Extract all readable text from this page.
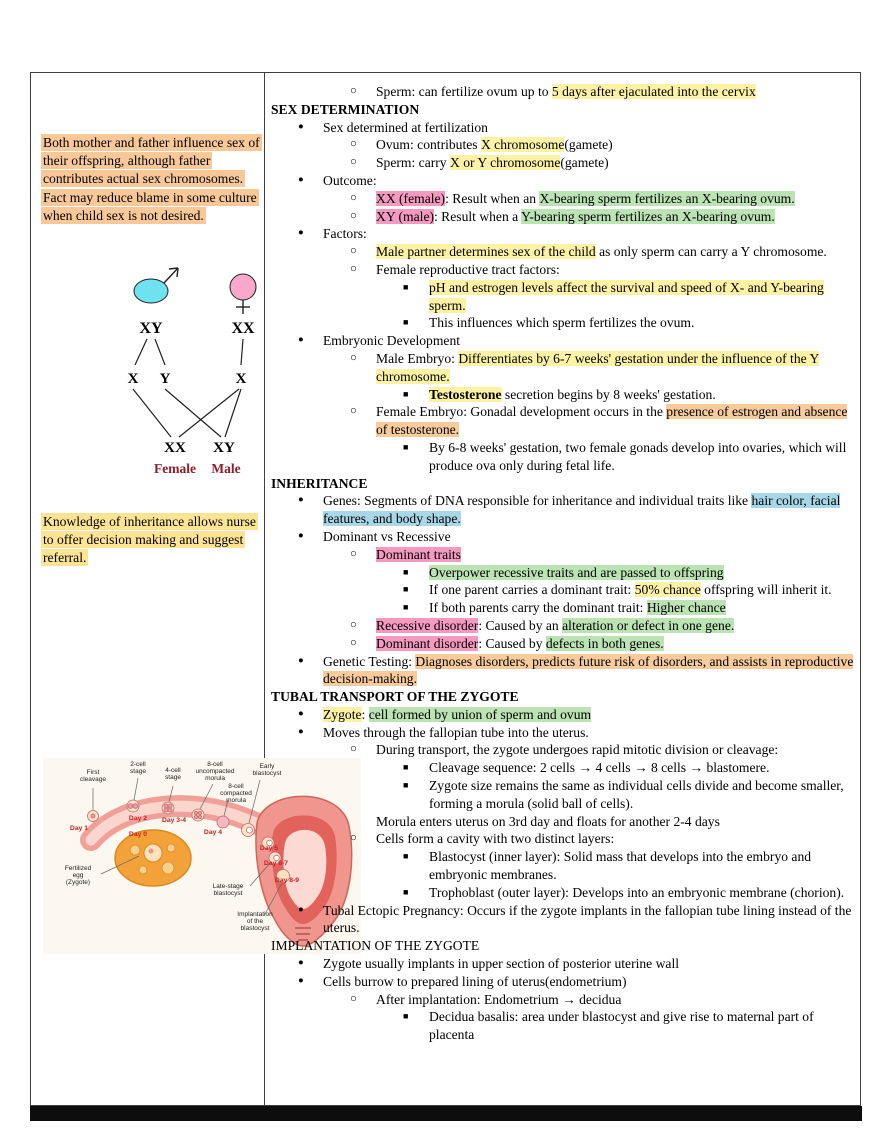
Both mother and father influence sex of their offspring, although father contributes actual sex chromosomes. Fact may reduce blame in some culture when child sex is not desired.
XY	XX
X Y	X
XX XY
Female Male
Knowledge of inheritance allows nurse to offer decision making and suggest referral.
First cleavage
2-cell stage	4-cell stage
8-cell uncompacted morula
8-cell compacted morula
Early blastocyst
Fertilized egg (Zygote)
Late-stage blastocyst
Implantation of the blastocyst
Day 0
Day 1
Day 2 Day 3-4
Day 4
Day 5
Day 6-7
Day 8-9
○ Sperm: can fertilize ovum up to 5 days after ejaculated into the cervix
SEX DETERMINATION
● Sex determined at fertilization
○ Ovum: contributes X chromosome(gamete)
○ Sperm: carry X or Y chromosome(gamete)
● Outcome:
○ XX (female): Result when an X-bearing sperm fertilizes an X-bearing ovum.
○ XY (male): Result when a Y-bearing sperm fertilizes an X-bearing ovum.
● Factors:
○ Male partner determines sex of the child as only sperm can carry a Y chromosome.
○ Female reproductive tract factors:
■ pH and estrogen levels affect the survival and speed of X- and Y-bearing sperm.
■ This influences which sperm fertilizes the ovum.
● Embryonic Development
○ Male Embryo: Differentiates by 6-7 weeks' gestation under the influence of the Y chromosome.
■ Testosterone secretion begins by 8 weeks' gestation.
○ Female Embryo: Gonadal development occurs in the presence of estrogen and absence of testosterone.
■ By 6-8 weeks' gestation, two female gonads develop into ovaries, which will produce ova only during fetal life.
INHERITANCE
● Genes: Segments of DNA responsible for inheritance and individual traits like hair color, facial features, and body shape.
● Dominant vs Recessive
○ Dominant traits
■ Overpower recessive traits and are passed to offspring
■ If one parent carries a dominant trait: 50% chance offspring will inherit it.
■ If both parents carry the dominant trait: Higher chance
○ Recessive disorder: Caused by an alteration or defect in one gene.
○ Dominant disorder: Caused by defects in both genes.
● Genetic Testing: Diagnoses disorders, predicts future risk of disorders, and assists in reproductive decision-making.
TUBAL TRANSPORT OF THE ZYGOTE
● Zygote: cell formed by union of sperm and ovum
● Moves through the fallopian tube into the uterus.
○ During transport, the zygote undergoes rapid mitotic division or cleavage:
■ Cleavage sequence: 2 cells → 4 cells → 8 cells → blastomere.
■ Zygote size remains the same as individual cells divide and become smaller, forming a morula (solid ball of cells).
Morula enters uterus on 3rd day and floats for another 2-4 days
○ Cells form a cavity with two distinct layers:
■ Blastocyst (inner layer): Solid mass that develops into the embryo and embryonic membranes.
■ Trophoblast (outer layer): Develops into an embryonic membrane (chorion).
● Tubal Ectopic Pregnancy: Occurs if the zygote implants in the fallopian tube lining instead of the uterus.
IMPLANTATION OF THE ZYGOTE
● Zygote usually implants in upper section of posterior uterine wall
● Cells burrow to prepared lining of uterus(endometrium)
○ After implantation: Endometrium → decidua
■ Decidua basalis: area under blastocyst and give rise to maternal part of placenta
